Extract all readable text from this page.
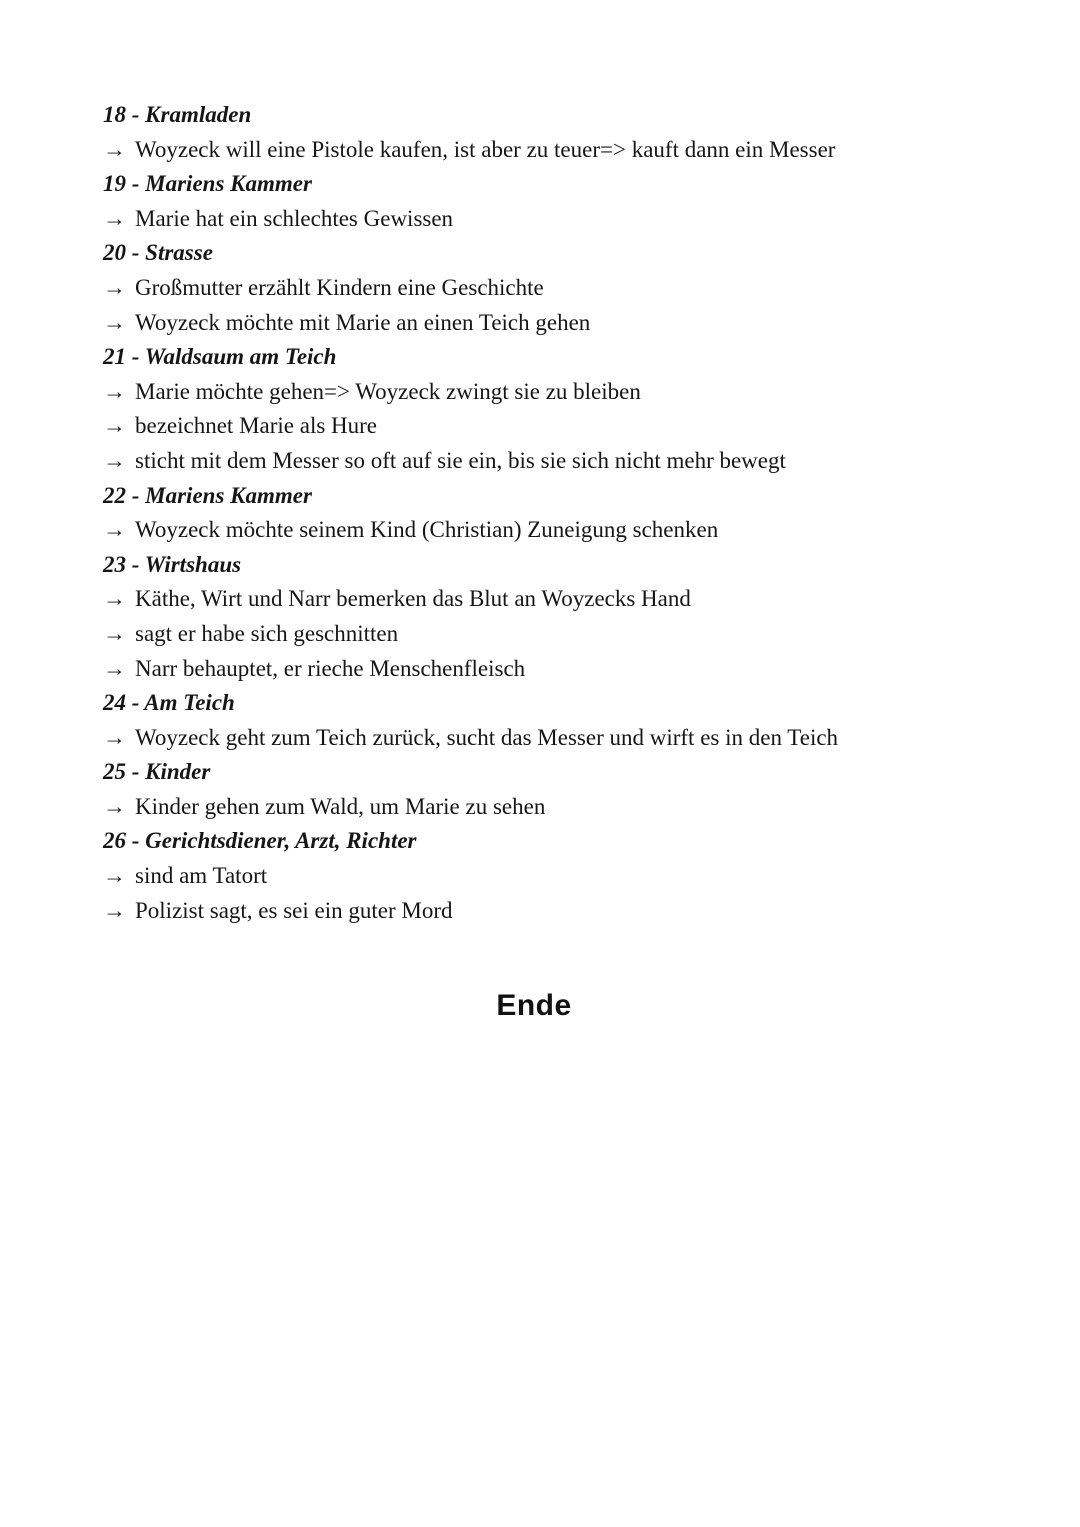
18 - Kramladen

→ Woyzeck will eine Pistole kaufen, ist aber zu teuer=> kauft dann ein Messer

19 - Mariens Kammer

→ Marie hat ein schlechtes Gewissen

20 - Strasse

→ Großmutter erzählt Kindern eine Geschichte

→ Woyzeck möchte mit Marie an einen Teich gehen

21 - Waldsaum am Teich

→ Marie möchte gehen=> Woyzeck zwingt sie zu bleiben

→ bezeichnet Marie als Hure

→ sticht mit dem Messer so oft auf sie ein, bis sie sich nicht mehr bewegt

22 - Mariens Kammer

→ Woyzeck möchte seinem Kind (Christian) Zuneigung schenken

23 - Wirtshaus

→ Käthe, Wirt und Narr bemerken das Blut an Woyzecks Hand

→ sagt er habe sich geschnitten

→ Narr behauptet, er rieche Menschenfleisch

24 - Am Teich

→ Woyzeck geht zum Teich zurück, sucht das Messer und wirft es in den Teich

25 - Kinder

→ Kinder gehen zum Wald, um Marie zu sehen

26 - Gerichtsdiener, Arzt, Richter

→ sind am Tatort

→ Polizist sagt, es sei ein guter Mord

Ende
